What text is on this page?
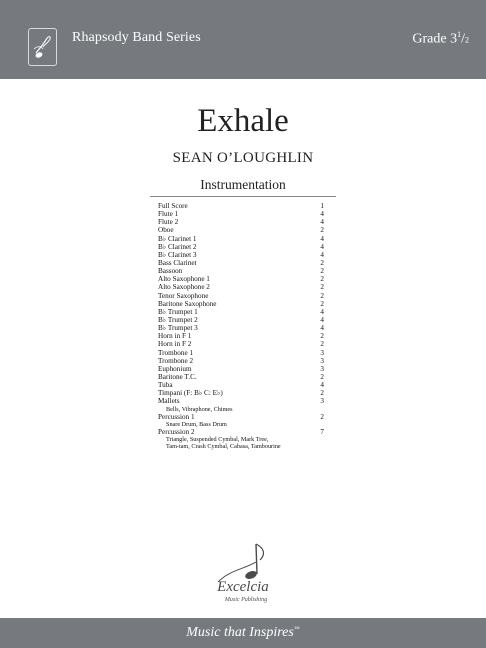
Rhapsody Band Series	Grade $3^1/2$
Exhale
SEAN O’LOUGHLIN
Instrumentation
Full Score	1
Flute 1	4
Flute 2	4
Oboe	2
B♭ Clarinet 1	4
B♭ Clarinet 2	4
B♭ Clarinet 3	4
Bass Clarinet	2
Bassoon	2
Alto Saxophone 1	2
Alto Saxophone 2	2
Tenor Saxophone	2
Baritone Saxophone	2
B♭ Trumpet 1	4
B♭ Trumpet 2	4
B♭ Trumpet 3	4
Horn in F 1	2
Horn in F 2	2
Trombone 1	3
Trombone 2	3
Euphonium	3
Baritone T.C.	2
Tuba	4
Timpani (F: B♭ C: E♭)	2
Mallets	3
Bells, Vibraphone, Chimes
Percussion 1	2
Snare Drum, Bass Drum
Percussion 2	7
Triangle, Suspended Cymbal, Mark Tree,
Tam-tam, Crash Cymbal, Cabasa, Tambourine
Excelcia
Music Publishing
Music that Inspires™
